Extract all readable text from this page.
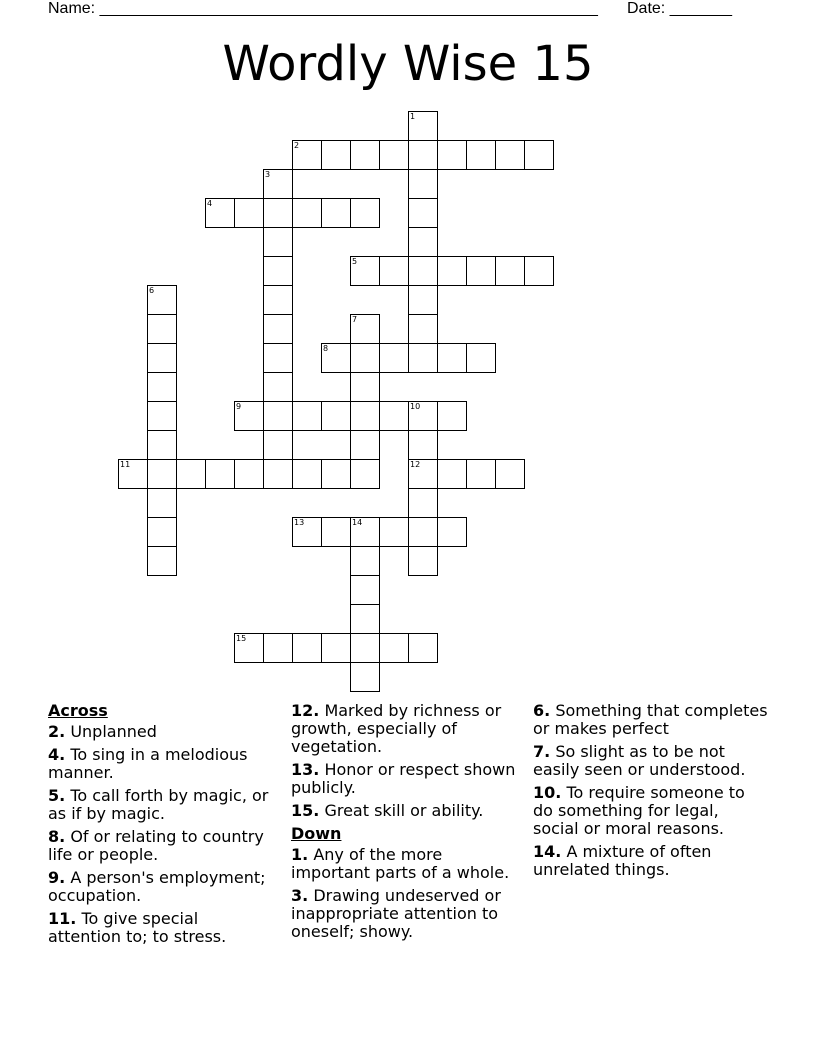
Name: ________________________________________________________ Date: _______
Wordly Wise 15
1
2
3
4
5
6
7
8
9	10
12
11
13	14
15
Across
2. Unplanned
4. To sing in a melodious manner.
5. To call forth by magic, or as if by magic.
8. Of or relating to country life or people.
9. A person's employment; occupation.
11. To give special attention to; to stress.
12. Marked by richness or growth, especially of vegetation.
13. Honor or respect shown publicly.
15. Great skill or ability.
Down
1. Any of the more important parts of a whole.
3. Drawing undeserved or inappropriate attention to oneself; showy.
6. Something that completes or makes perfect
7. So slight as to be not easily seen or understood.
10. To require someone to do something for legal, social or moral reasons.
14. A mixture of often unrelated things.
